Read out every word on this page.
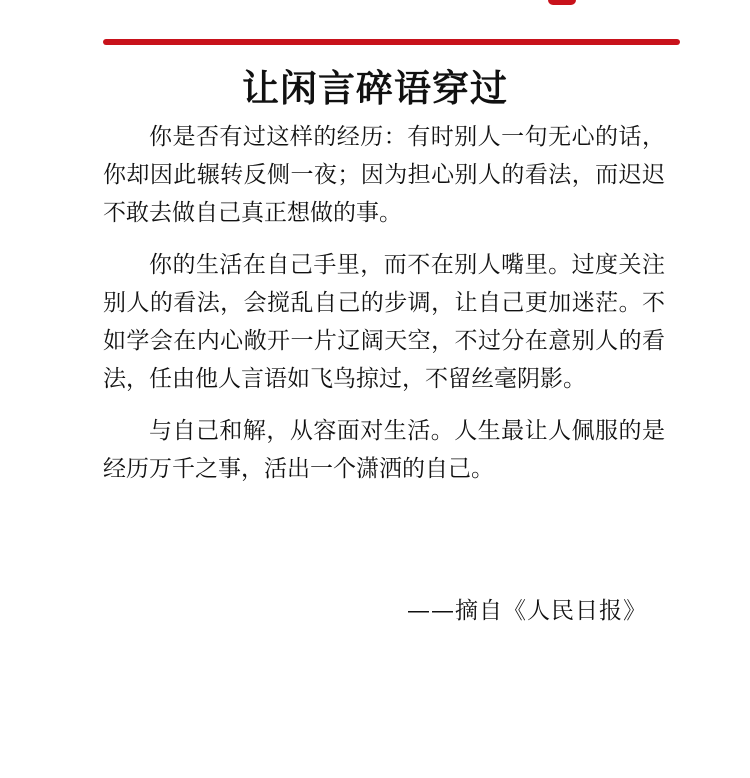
让闲言碎语穿过

你是否有过这样的经历：有时别人一句无心的话，你却因此辗转反侧一夜；因为担心别人的看法，而迟迟不敢去做自己真正想做的事。

你的生活在自己手里，而不在别人嘴里。过度关注别人的看法，会搅乱自己的步调，让自己更加迷茫。不如学会在内心敞开一片辽阔天空，不过分在意别人的看法，任由他人言语如飞鸟掠过，不留丝毫阴影。

与自己和解，从容面对生活。人生最让人佩服的是经历万千之事，活出一个潇洒的自己。

——摘自《人民日报》
